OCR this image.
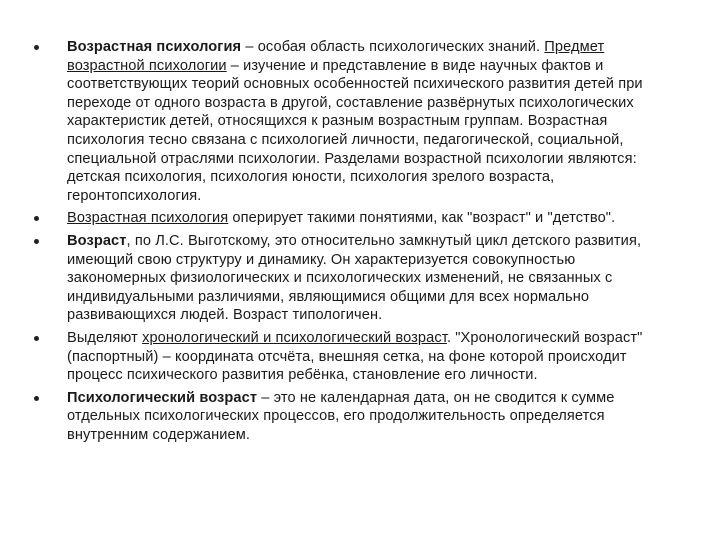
Возрастная психология – особая область психологических знаний. Предмет возрастной психологии – изучение и представление в виде научных фактов и соответствующих теорий основных особенностей психического развития детей при переходе от одного возраста в другой, составление развёрнутых психологических характеристик детей, относящихся к разным возрастным группам. Возрастная психология тесно связана с психологией личности, педагогической, социальной, специальной отраслями психологии. Разделами возрастной психологии являются: детская психология, психология юности, психология зрелого возраста, геронтопсихология.
Возрастная психология оперирует такими понятиями, как "возраст" и "детство".
Возраст, по Л.С. Выготскому, это относительно замкнутый цикл детского развития, имеющий свою структуру и динамику. Он характеризуется совокупностью закономерных физиологических и психологических изменений, не связанных с индивидуальными различиями, являющимися общими для всех нормально развивающихся людей. Возраст типологичен.
Выделяют хронологический и психологический возраст. "Хронологический возраст" (паспортный) – координата отсчёта, внешняя сетка, на фоне которой происходит процесс психического развития ребёнка, становление его личности.
Психологический возраст – это не календарная дата, он не сводится к сумме отдельных психологических процессов, его продолжительность определяется внутренним содержанием.
